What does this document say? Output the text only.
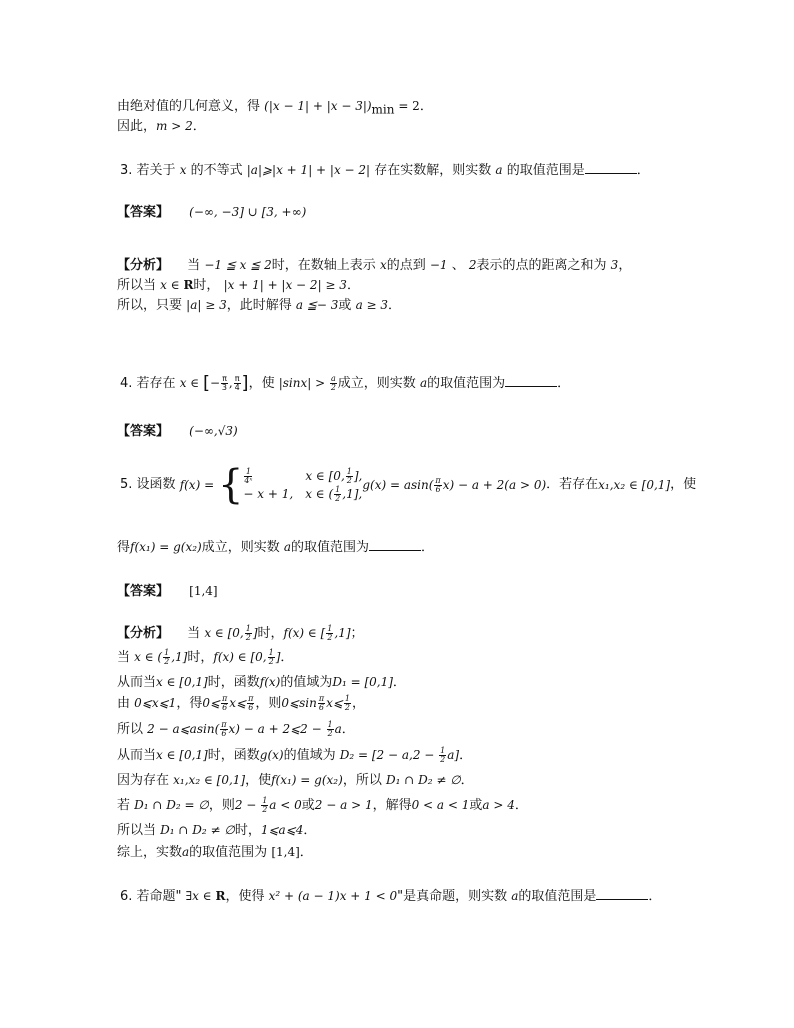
由绝对值的几何意义，得 $(|x - 1| + |x - 3|)_{min} = 2$．
因此，m > 2．
3. 若关于 x 的不等式 |a|⩾|x + 1| + |x − 2| 存在实数解，则实数 a 的取值范围是	．
【答案】 (−∞, −3] ∪ [3, +∞)
【分析】 当 −1 ≦ x ≦ 2时，在数轴上表示 x的点到 −1 、 2表示的点的距离之和为 3，
所以当 x ∈ R时， |x + 1| + |x − 2| ≥ 3．
所以，只要 |a| ≥ 3，此时解得 a ≦− 3或 a ≥ 3．
4. 若存在 x ∈ [− $\frac{\pi}{3}$ , $\frac{\pi}{4}$ ]，使 $|\sin x| > \frac{a}{2}$ 成立，则实数 a的取值范围为	．
【答案】 (−∞,√3)
5. 设函数 f(x) = { $\frac{1}{\text{4ˣ}}$	x ∈ [0, $\frac{1}{2}$ ],
− x + 1, x ∈ ( $\frac{1}{2} ,1$],
$g(x) = asin( \frac{\pi}{6} x) - a + 2(a > 0)$．若存在x₁,x₂ ∈ [0,1]，使
得f(x₁) = g(x₂)成立，则实数 a的取值范围为	．
【答案】 [1,4]
【分析】 当 x ∈ [0, $\frac{1}{2}$ ]时，f(x) ∈ [ $\frac{1}{2} ,1$]；
当 x ∈ ( $\frac{1}{2} ,1$]时，f(x) ∈ [0, $\frac{1}{2}$ ]．
从而当x ∈ [0,1]时，函数f(x)的值域为D₁ = [0,1]．
由 0⩽x⩽1，得0⩽ $\frac{\pi}{6}$ x⩽ $\frac{\pi}{6}$ ，则0⩽sin $\frac{\pi}{6}$ x⩽ $\frac{1}{2}$ ，
所以 2 − a⩽asin( $\frac{\pi}{6} x) - a$ + 2⩽2 − $\frac{1}{2}$ a．
从而当x ∈ [0,1]时，函数g(x)的值域为 $D_2 = [2 - a,2 - \frac{1}{2} a]$．
因为存在 x₁,x₂ ∈ [0,1]，使f(x₁) = g(x₂)，所以 D₁ ∩ D₂ ≠ ∅．
若 D₁ ∩ D₂ = ∅，则$2 - \frac{1}{2}$ a < 0或2 − a > 1，解得0 < a < 1或a > 4．
所以当 D₁ ∩ D₂ ≠ ∅时，1⩽a⩽4．
综上，实数a的取值范围为 [1,4]．
6. 若命题" ∃x ∈ R，使得 x² + (a − 1)x + 1 < 0"是真命题，则实数 a的取值范围是	．
